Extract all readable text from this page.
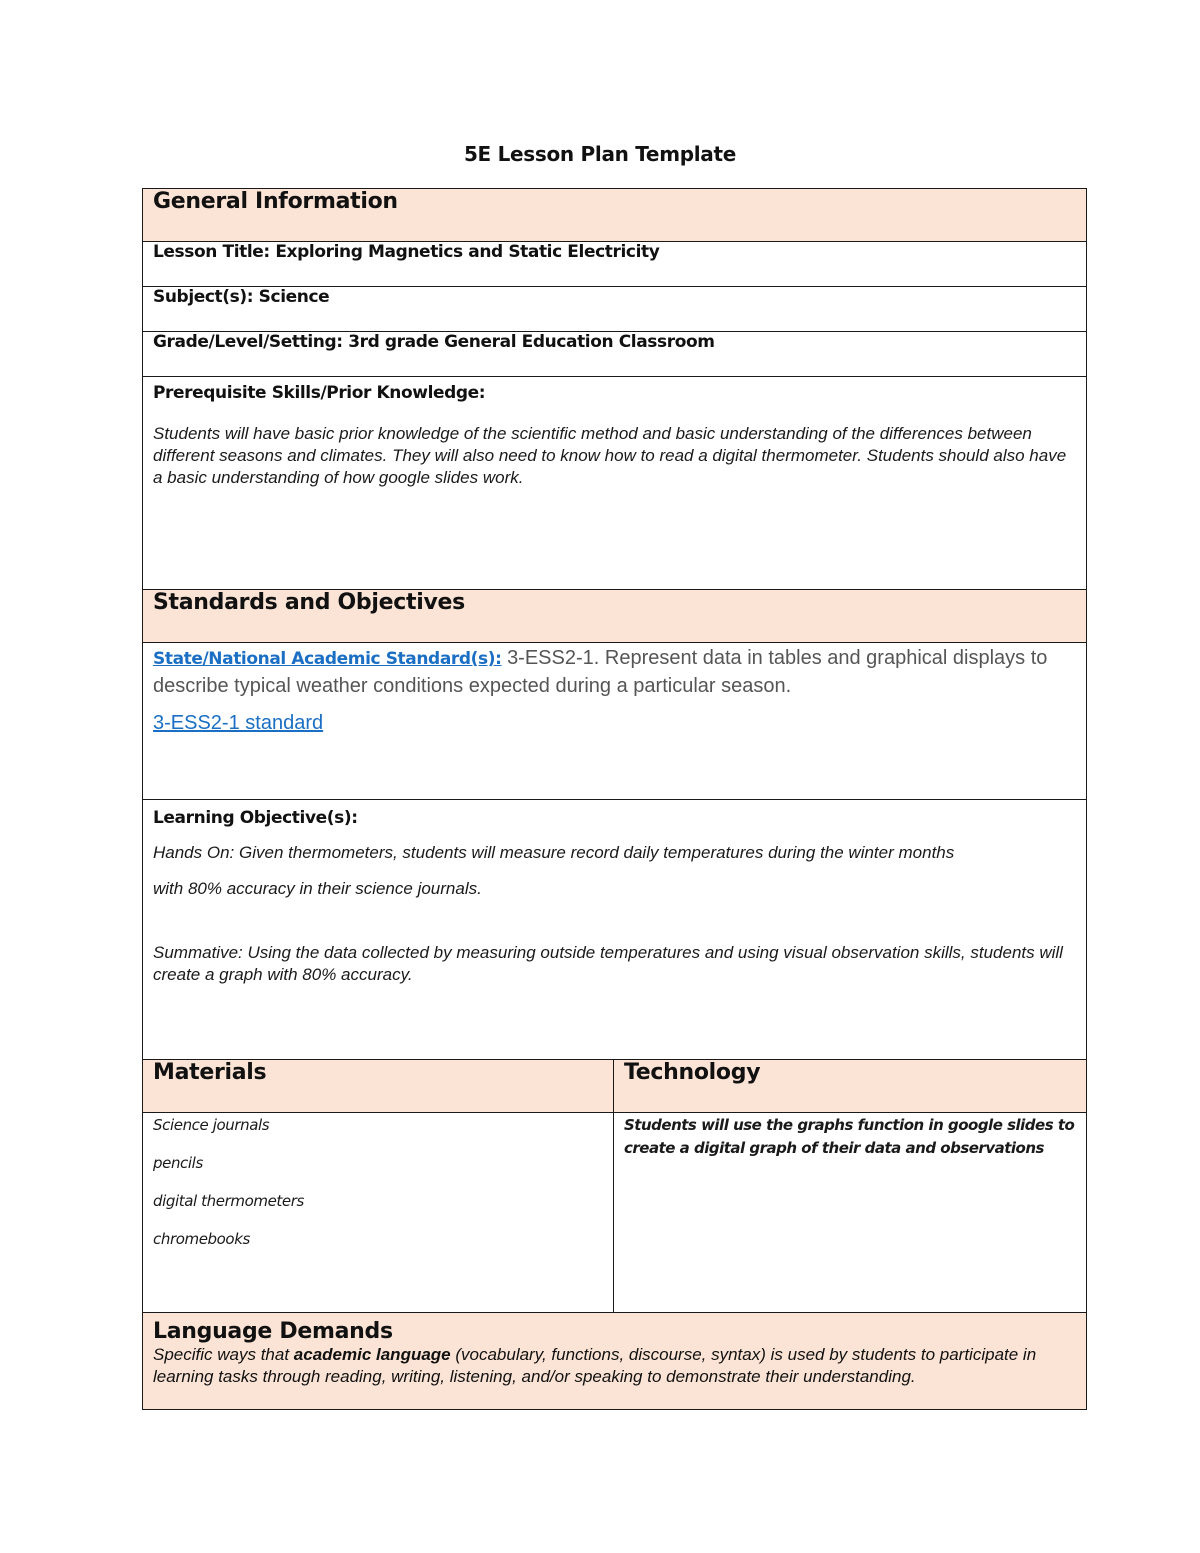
5E Lesson Plan Template
General Information	
Lesson Title: Exploring Magnetics and Static Electricity	
Subject(s): Science	
Grade/Level/Setting: 3rd grade General Education Classroom	

Prerequisite Skills/Prior Knowledge:
Students will have basic prior knowledge of the scientific method and basic understanding of the differences between different seasons and climates. They will also need to know how to read a digital thermometer. Students should also have a basic understanding of how google slides work.	

Standards and Objectives	

State/National Academic Standard(s): 3-ESS2-1. Represent data in tables and graphical displays to describe typical weather conditions expected during a particular season.
3-ESS2-1 standard	

Learning Objective(s):
Hands On: Given thermometers, students will measure record daily temperatures during the winter months
with 80% accuracy in their science journals.
Summative: Using the data collected by measuring outside temperatures and using visual observation skills, students will create a graph with 80% accuracy.	

Materials	Technology

Science journals

pencils

digital thermometers

chromebooks	Students will use the graphs function in google slides to create a digital graph of their data and observations

Language Demands
Specific ways that academic language (vocabulary, functions, discourse, syntax) is used by students to participate in learning tasks through reading, writing, listening, and/or speaking to demonstrate their understanding.	
